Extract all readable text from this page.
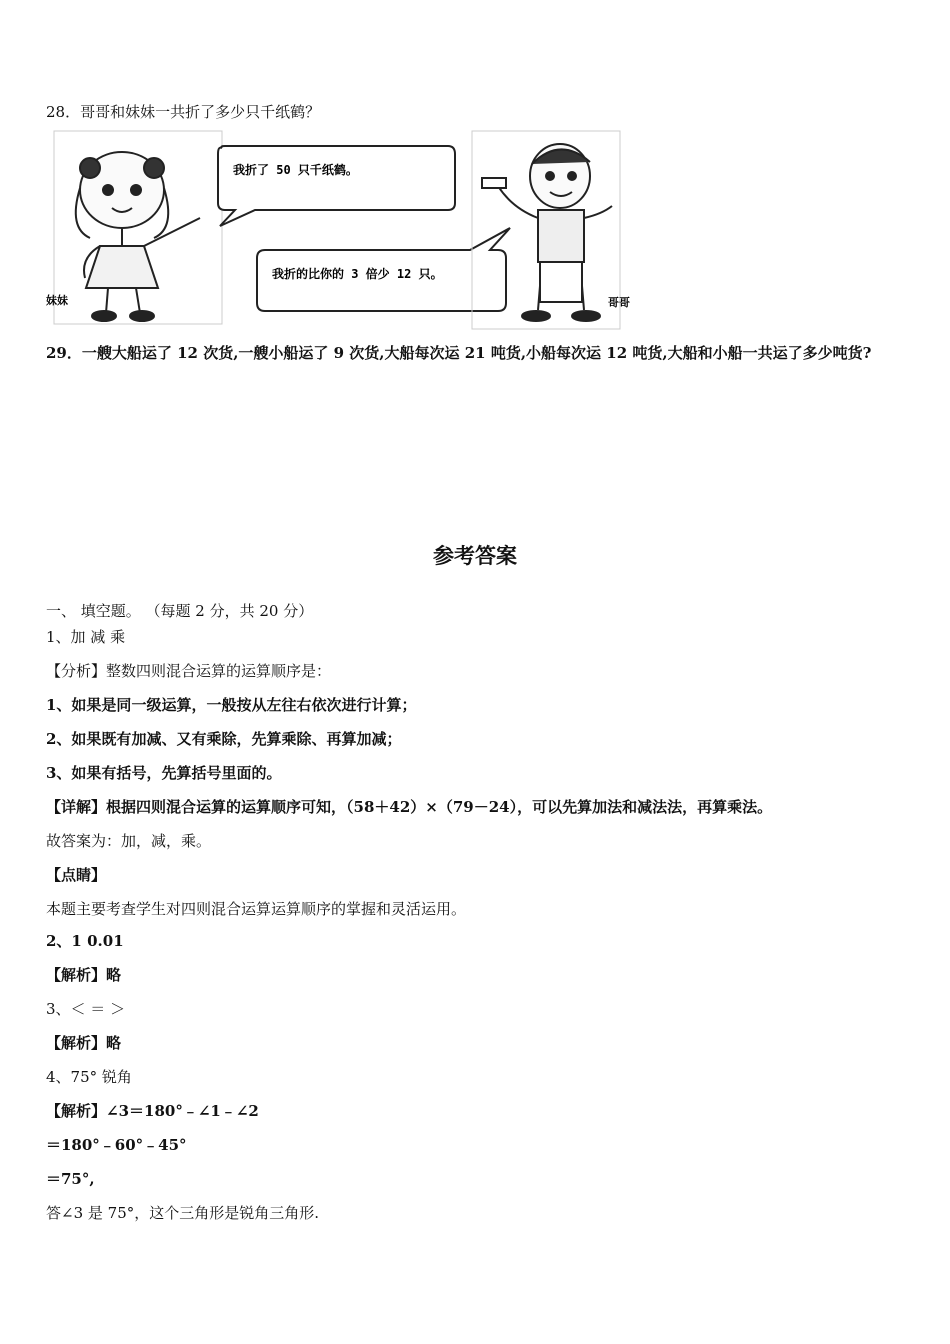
28．哥哥和妹妹一共折了多少只千纸鹤？
我折了 50 只千纸鹤。
我折的比你的 3 倍少 12 只。
妹妹	哥哥
29．一艘大船运了 12 次货,一艘小船运了 9 次货,大船每次运 21 吨货,小船每次运 12 吨货,大船和小船一共运了多少吨货?
参考答案
一、 填空题。 （每题 2 分，共 20 分）
1、加 减 乘
【分析】整数四则混合运算的运算顺序是：
1、如果是同一级运算，一般按从左往右依次进行计算；
2、如果既有加减、又有乘除，先算乘除、再算加减；
3、如果有括号，先算括号里面的。
【详解】根据四则混合运算的运算顺序可知，（58＋42）×（79－24），可以先算加法和减法法，再算乘法。
故答案为：加，减，乘。
【点睛】
本题主要考查学生对四则混合运算运算顺序的掌握和灵活运用。
2、1 0.01
【解析】略
3、＜ ＝ ＞
【解析】略
4、75° 锐角
【解析】∠3＝180°﹣∠1﹣∠2
＝180°﹣60°﹣45°
＝75°,
答∠3 是 75°，这个三角形是锐角三角形.
